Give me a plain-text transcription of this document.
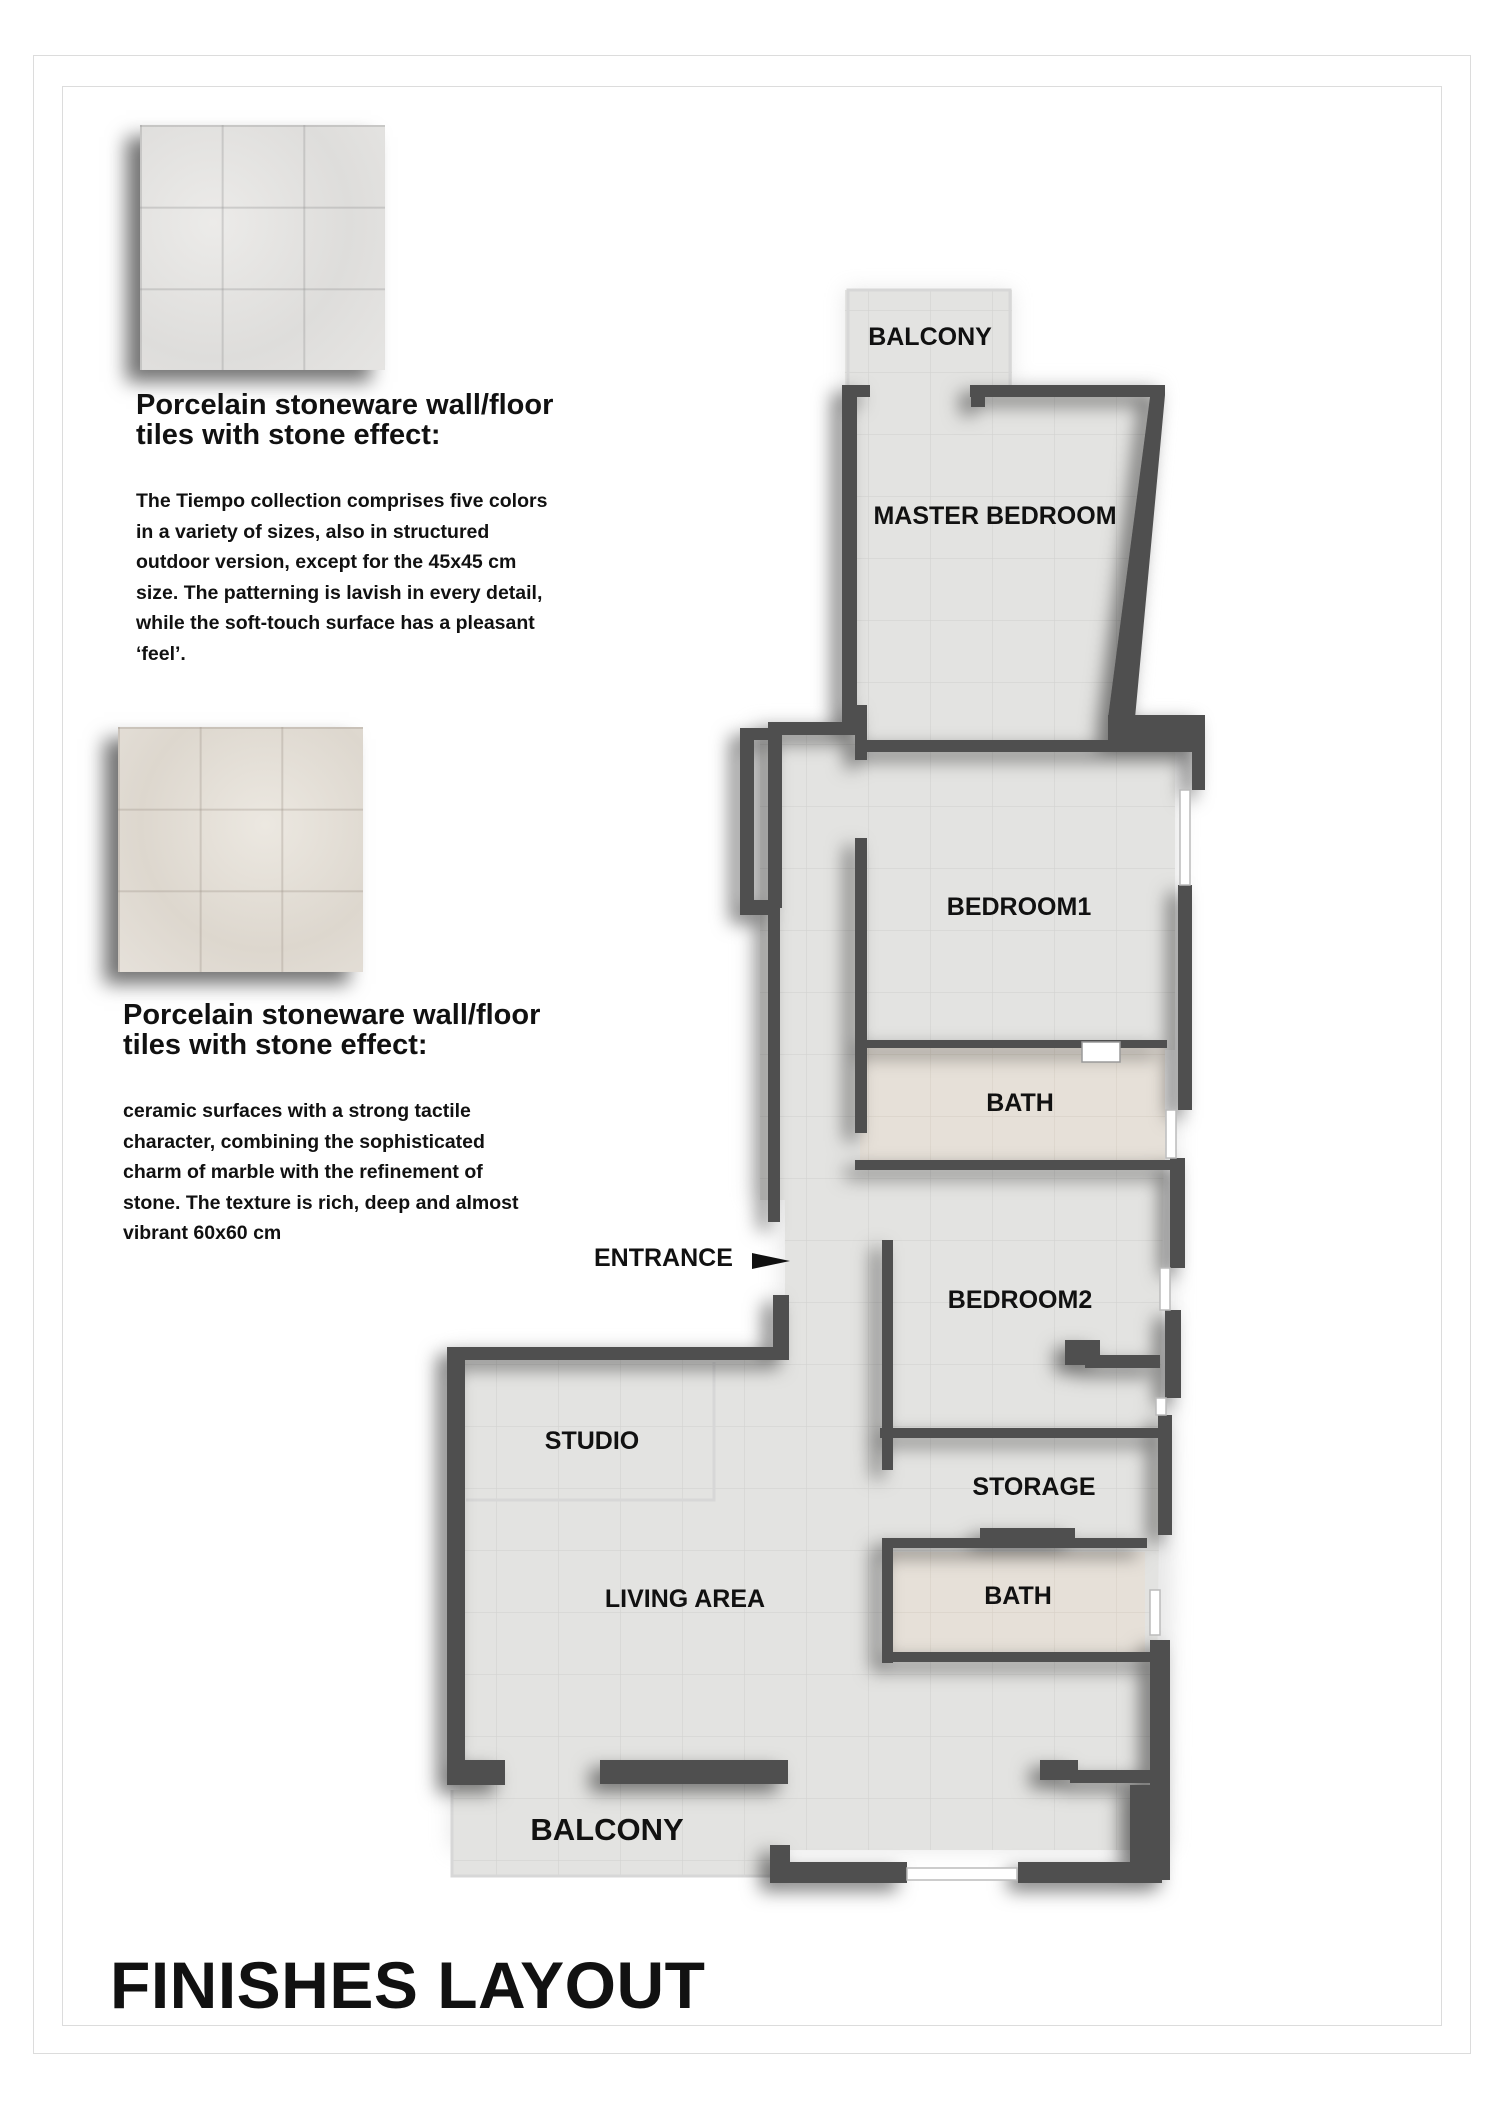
Porcelain stoneware wall/floor tiles with stone effect:

The Tiempo collection comprises five colors in a variety of sizes, also in structured outdoor version, except for the 45x45 cm size. The patterning is lavish in every detail, while the soft-touch surface has a pleasant ‘feel’.

Porcelain stoneware wall/floor tiles with stone effect:

ceramic surfaces with a strong tactile character, combining the sophisticated charm of marble with the refinement of stone. The texture is rich, deep and almost vibrant 60x60 cm

BALCONY
MASTER BEDROOM
BEDROOM1
BATH
ENTRANCE
BEDROOM2
STUDIO
STORAGE
BATH
LIVING AREA
BALCONY
FINISHES LAYOUT
